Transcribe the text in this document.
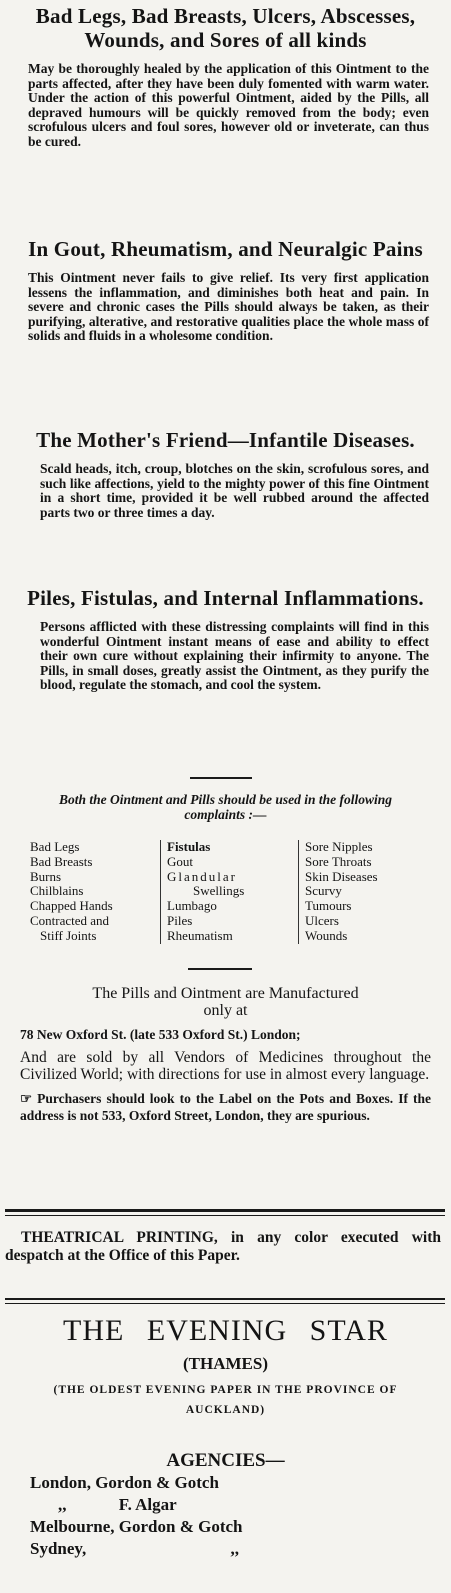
Bad Legs, Bad Breasts, Ulcers, Abscesses, Wounds, and Sores of all kinds

May be thoroughly healed by the application of this Ointment to the parts affected, after they have been duly fomented with warm water. Under the action of this powerful Ointment, aided by the Pills, all depraved humours will be quickly removed from the body; even scrofulous ulcers and foul sores, however old or inveterate, can thus be cured.

In Gout, Rheumatism, and Neuralgic Pains

This Ointment never fails to give relief. Its very first application lessens the inflammation, and diminishes both heat and pain. In severe and chronic cases the Pills should always be taken, as their purifying, alterative, and restorative qualities place the whole mass of solids and fluids in a wholesome condition.

The Mother's Friend—Infantile Diseases.

Scald heads, itch, croup, blotches on the skin, scrofulous sores, and such like affections, yield to the mighty power of this fine Ointment in a short time, provided it be well rubbed around the affected parts two or three times a day.

Piles, Fistulas, and Internal Inflammations.

Persons afflicted with these distressing complaints will find in this wonderful Ointment instant means of ease and ability to effect their own cure without explaining their infirmity to anyone. The Pills, in small doses, greatly assist the Ointment, as they purify the blood, regulate the stomach, and cool the system.

Both the Ointment and Pills should be used in the following complaints :—

Bad Legs
Bad Breasts
Burns
Chilblains
Chapped Hands
Contracted and
Stiff Joints
Fistulas
Gout
Glandular
Swellings
Lumbago
Piles
Rheumatism
Sore Nipples
Sore Throats
Skin Diseases
Scurvy
Tumours
Ulcers
Wounds

The Pills and Ointment are Manufactured

only at

78 New Oxford St. (late 533 Oxford St.) London;

And are sold by all Vendors of Medicines throughout the Civilized World; with directions for use in almost every language.

☞ Purchasers should look to the Label on the Pots and Boxes. If the address is not 533, Oxford Street, London, they are spurious.

THEATRICAL PRINTING, in any color executed with despatch at the Office of this Paper.

THE EVENING STAR
(THAMES)
(THE OLDEST EVENING PAPER IN THE PROVINCE OF AUCKLAND)
AGENCIES—
London, Gordon & Gotch
,,	F. Algar
Melbourne, Gordon & Gotch
Sydney,	,,
